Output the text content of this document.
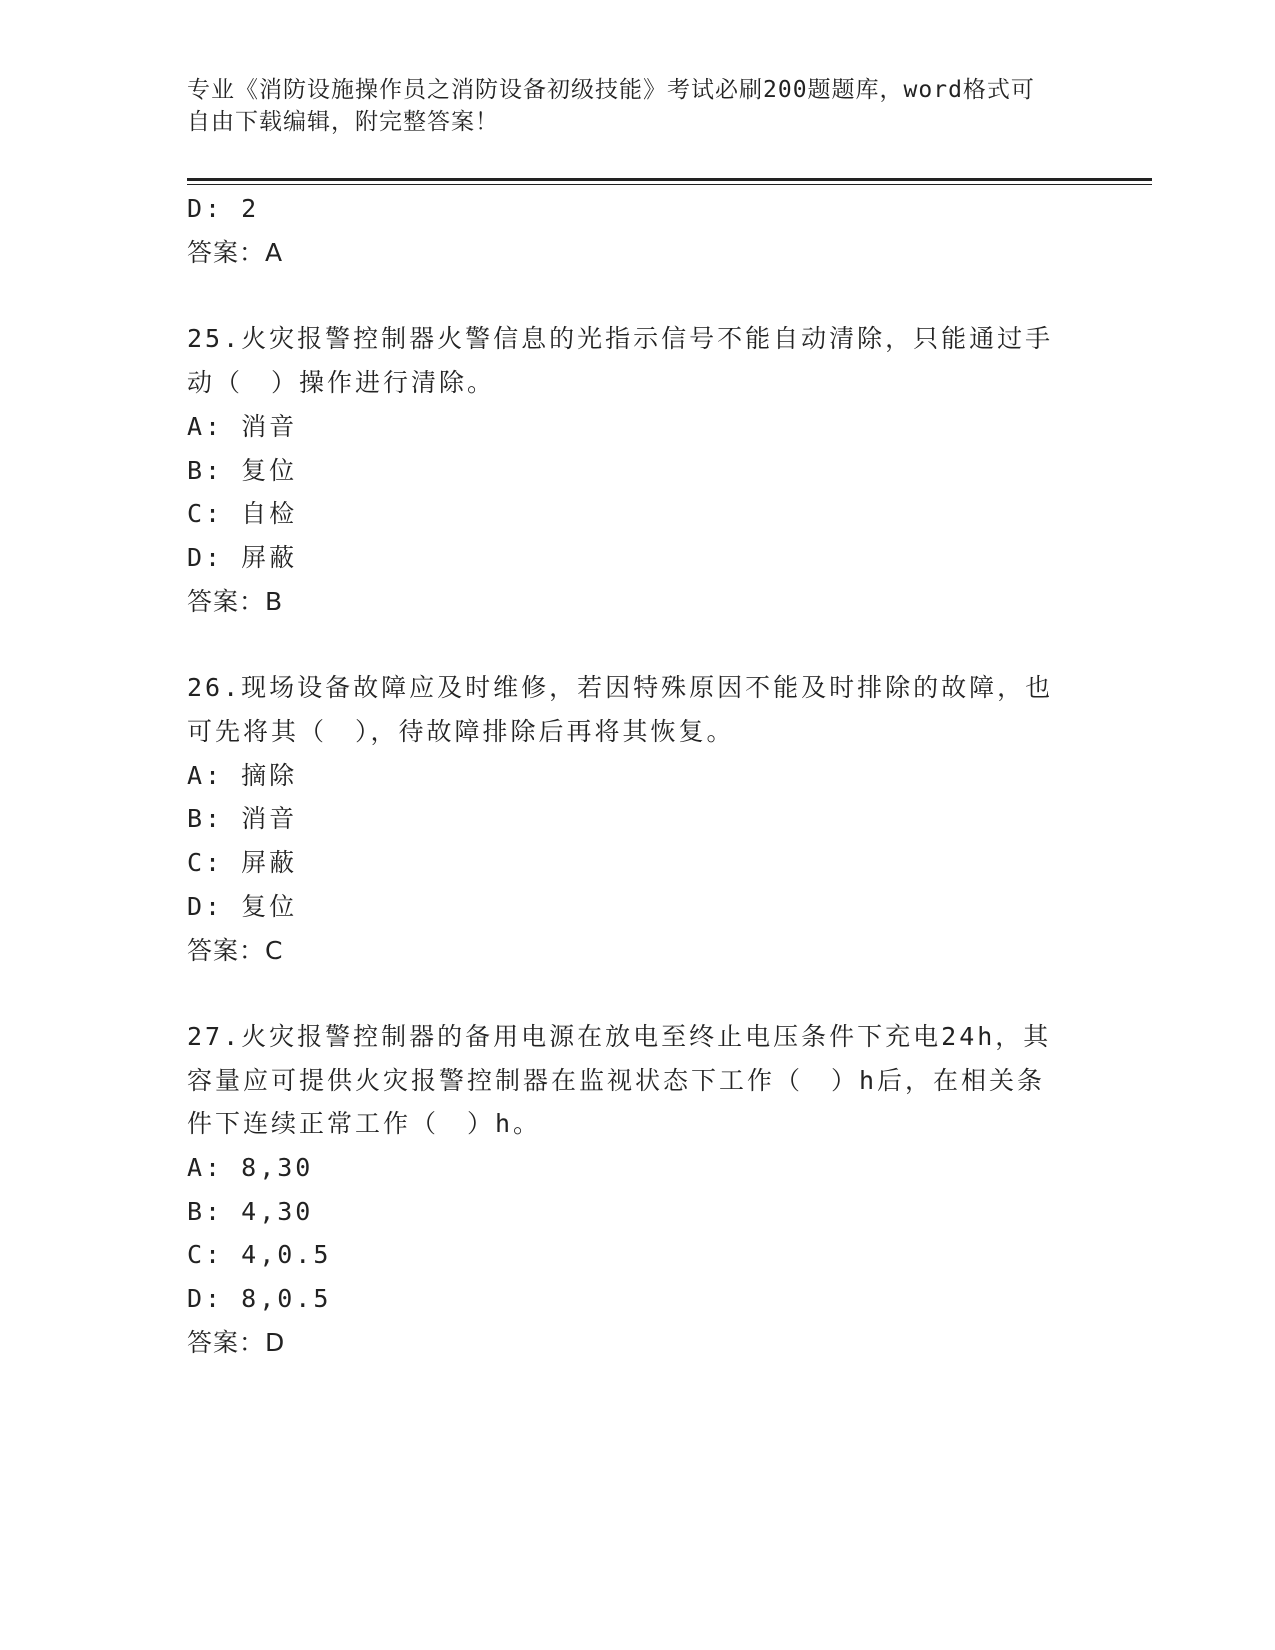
专业《消防设施操作员之消防设备初级技能》考试必刷200题题库，word格式可
自由下载编辑，附完整答案！
D: 2
答案：A
25.火灾报警控制器火警信息的光指示信号不能自动清除，只能通过手
动（　）操作进行清除。
A: 消音
B: 复位
C: 自检
D: 屏蔽
答案：B
26.现场设备故障应及时维修，若因特殊原因不能及时排除的故障，也
可先将其（　），待故障排除后再将其恢复。
A: 摘除
B: 消音
C: 屏蔽
D: 复位
答案：C
27.火灾报警控制器的备用电源在放电至终止电压条件下充电24h，其
容量应可提供火灾报警控制器在监视状态下工作（　）h后，在相关条
件下连续正常工作（　）h。
A: 8,30
B: 4,30
C: 4,0.5
D: 8,0.5
答案：D
